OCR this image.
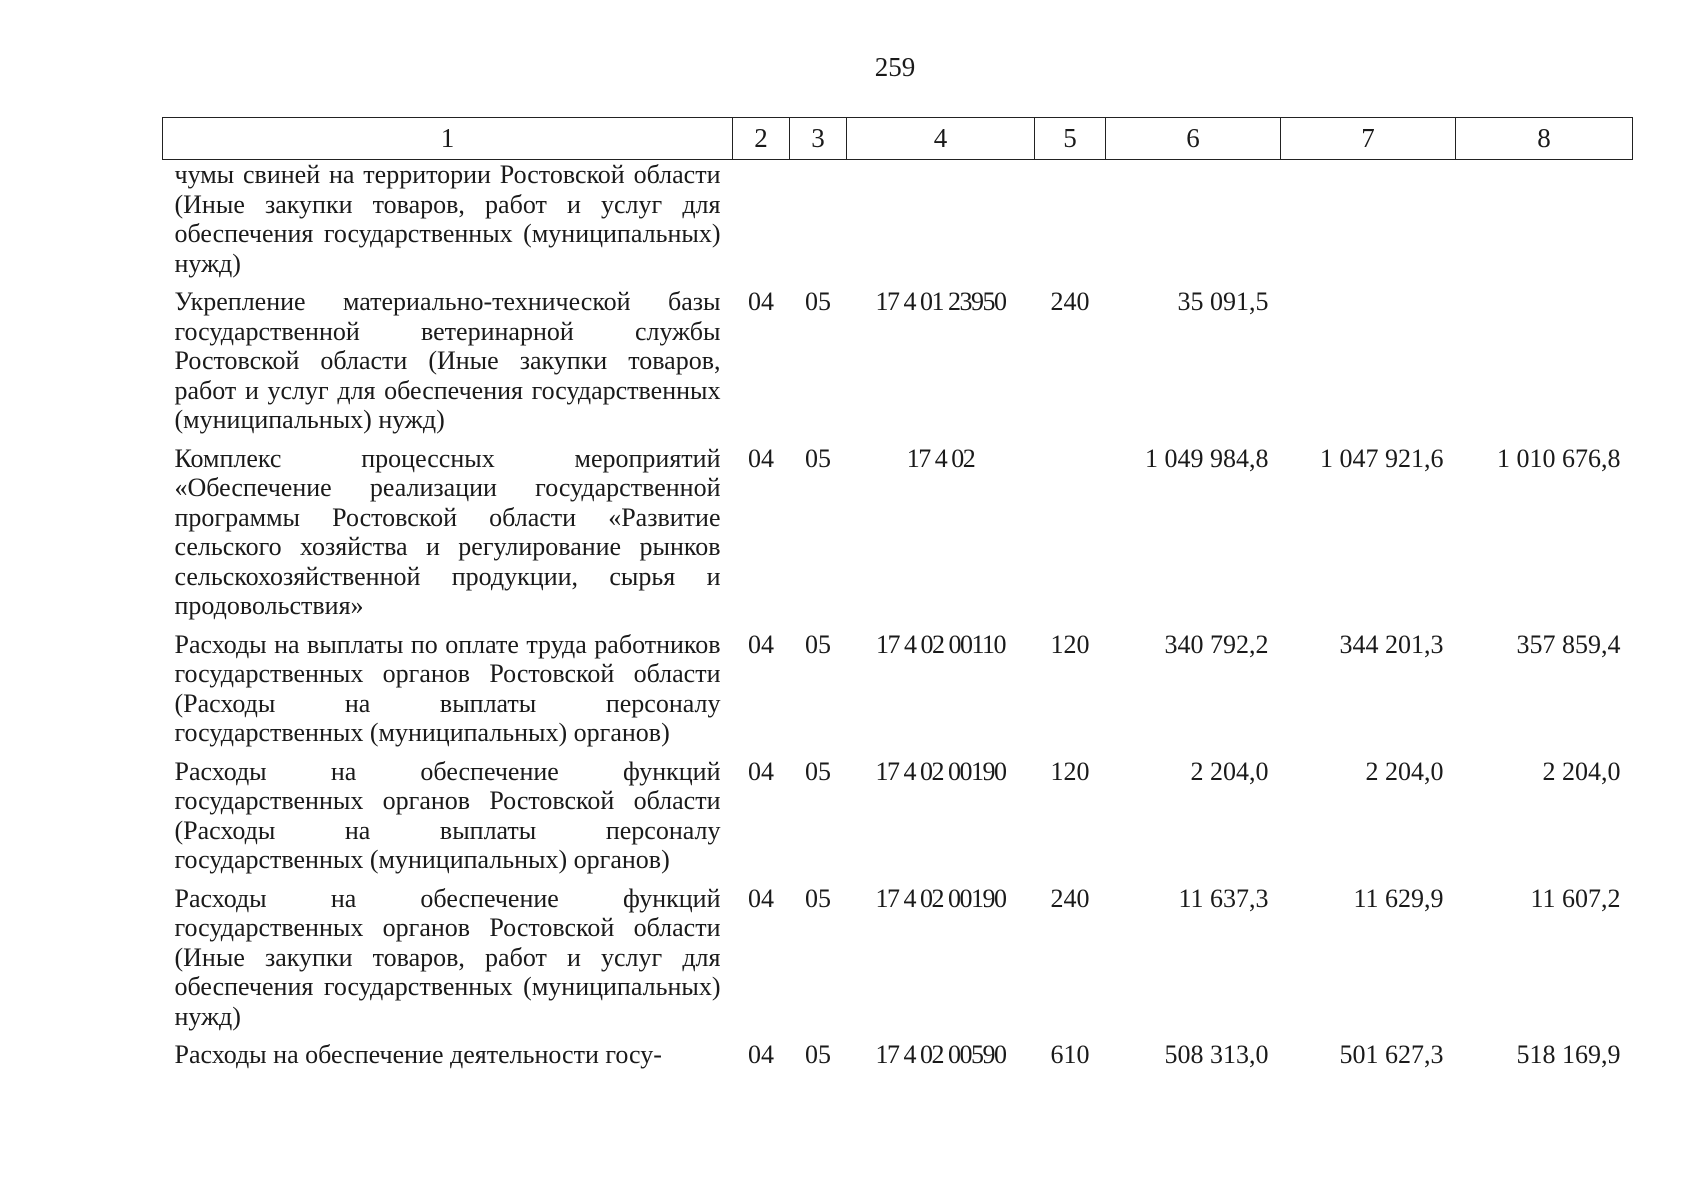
259
1	2	3	4	5	6	7	8
чумы свиней на территории Ростовской области (Иные закупки товаров, работ и услуг для обеспечения государственных (муниципальных) нужд)							
Укрепление материально-технической базы государственной ветеринарной службы Ростовской области (Иные закупки товаров, работ и услуг для обеспечения государственных (муниципальных) нужд)	04	05	17 4 01 23950	240	35 091,5		
Комплекс процессных мероприятий «Обеспечение реализации государственной программы Ростовской области «Развитие сельского хозяйства и регулирование рынков сельскохозяйственной продукции, сырья и продовольствия»	04	05	17 4 02		1 049 984,8	1 047 921,6	1 010 676,8
Расходы на выплаты по оплате труда работников государственных органов Ростовской области (Расходы на выплаты персоналу государственных (муниципальных) органов)	04	05	17 4 02 00110	120	340 792,2	344 201,3	357 859,4
Расходы на обеспечение функций государственных органов Ростовской области (Расходы на выплаты персоналу государственных (муниципальных) органов)	04	05	17 4 02 00190	120	2 204,0	2 204,0	2 204,0
Расходы на обеспечение функций государственных органов Ростовской области (Иные закупки товаров, работ и услуг для обеспечения государственных (муниципальных) нужд)	04	05	17 4 02 00190	240	11 637,3	11 629,9	11 607,2
Расходы на обеспечение деятельности госу-	04	05	17 4 02 00590	610	508 313,0	501 627,3	518 169,9
